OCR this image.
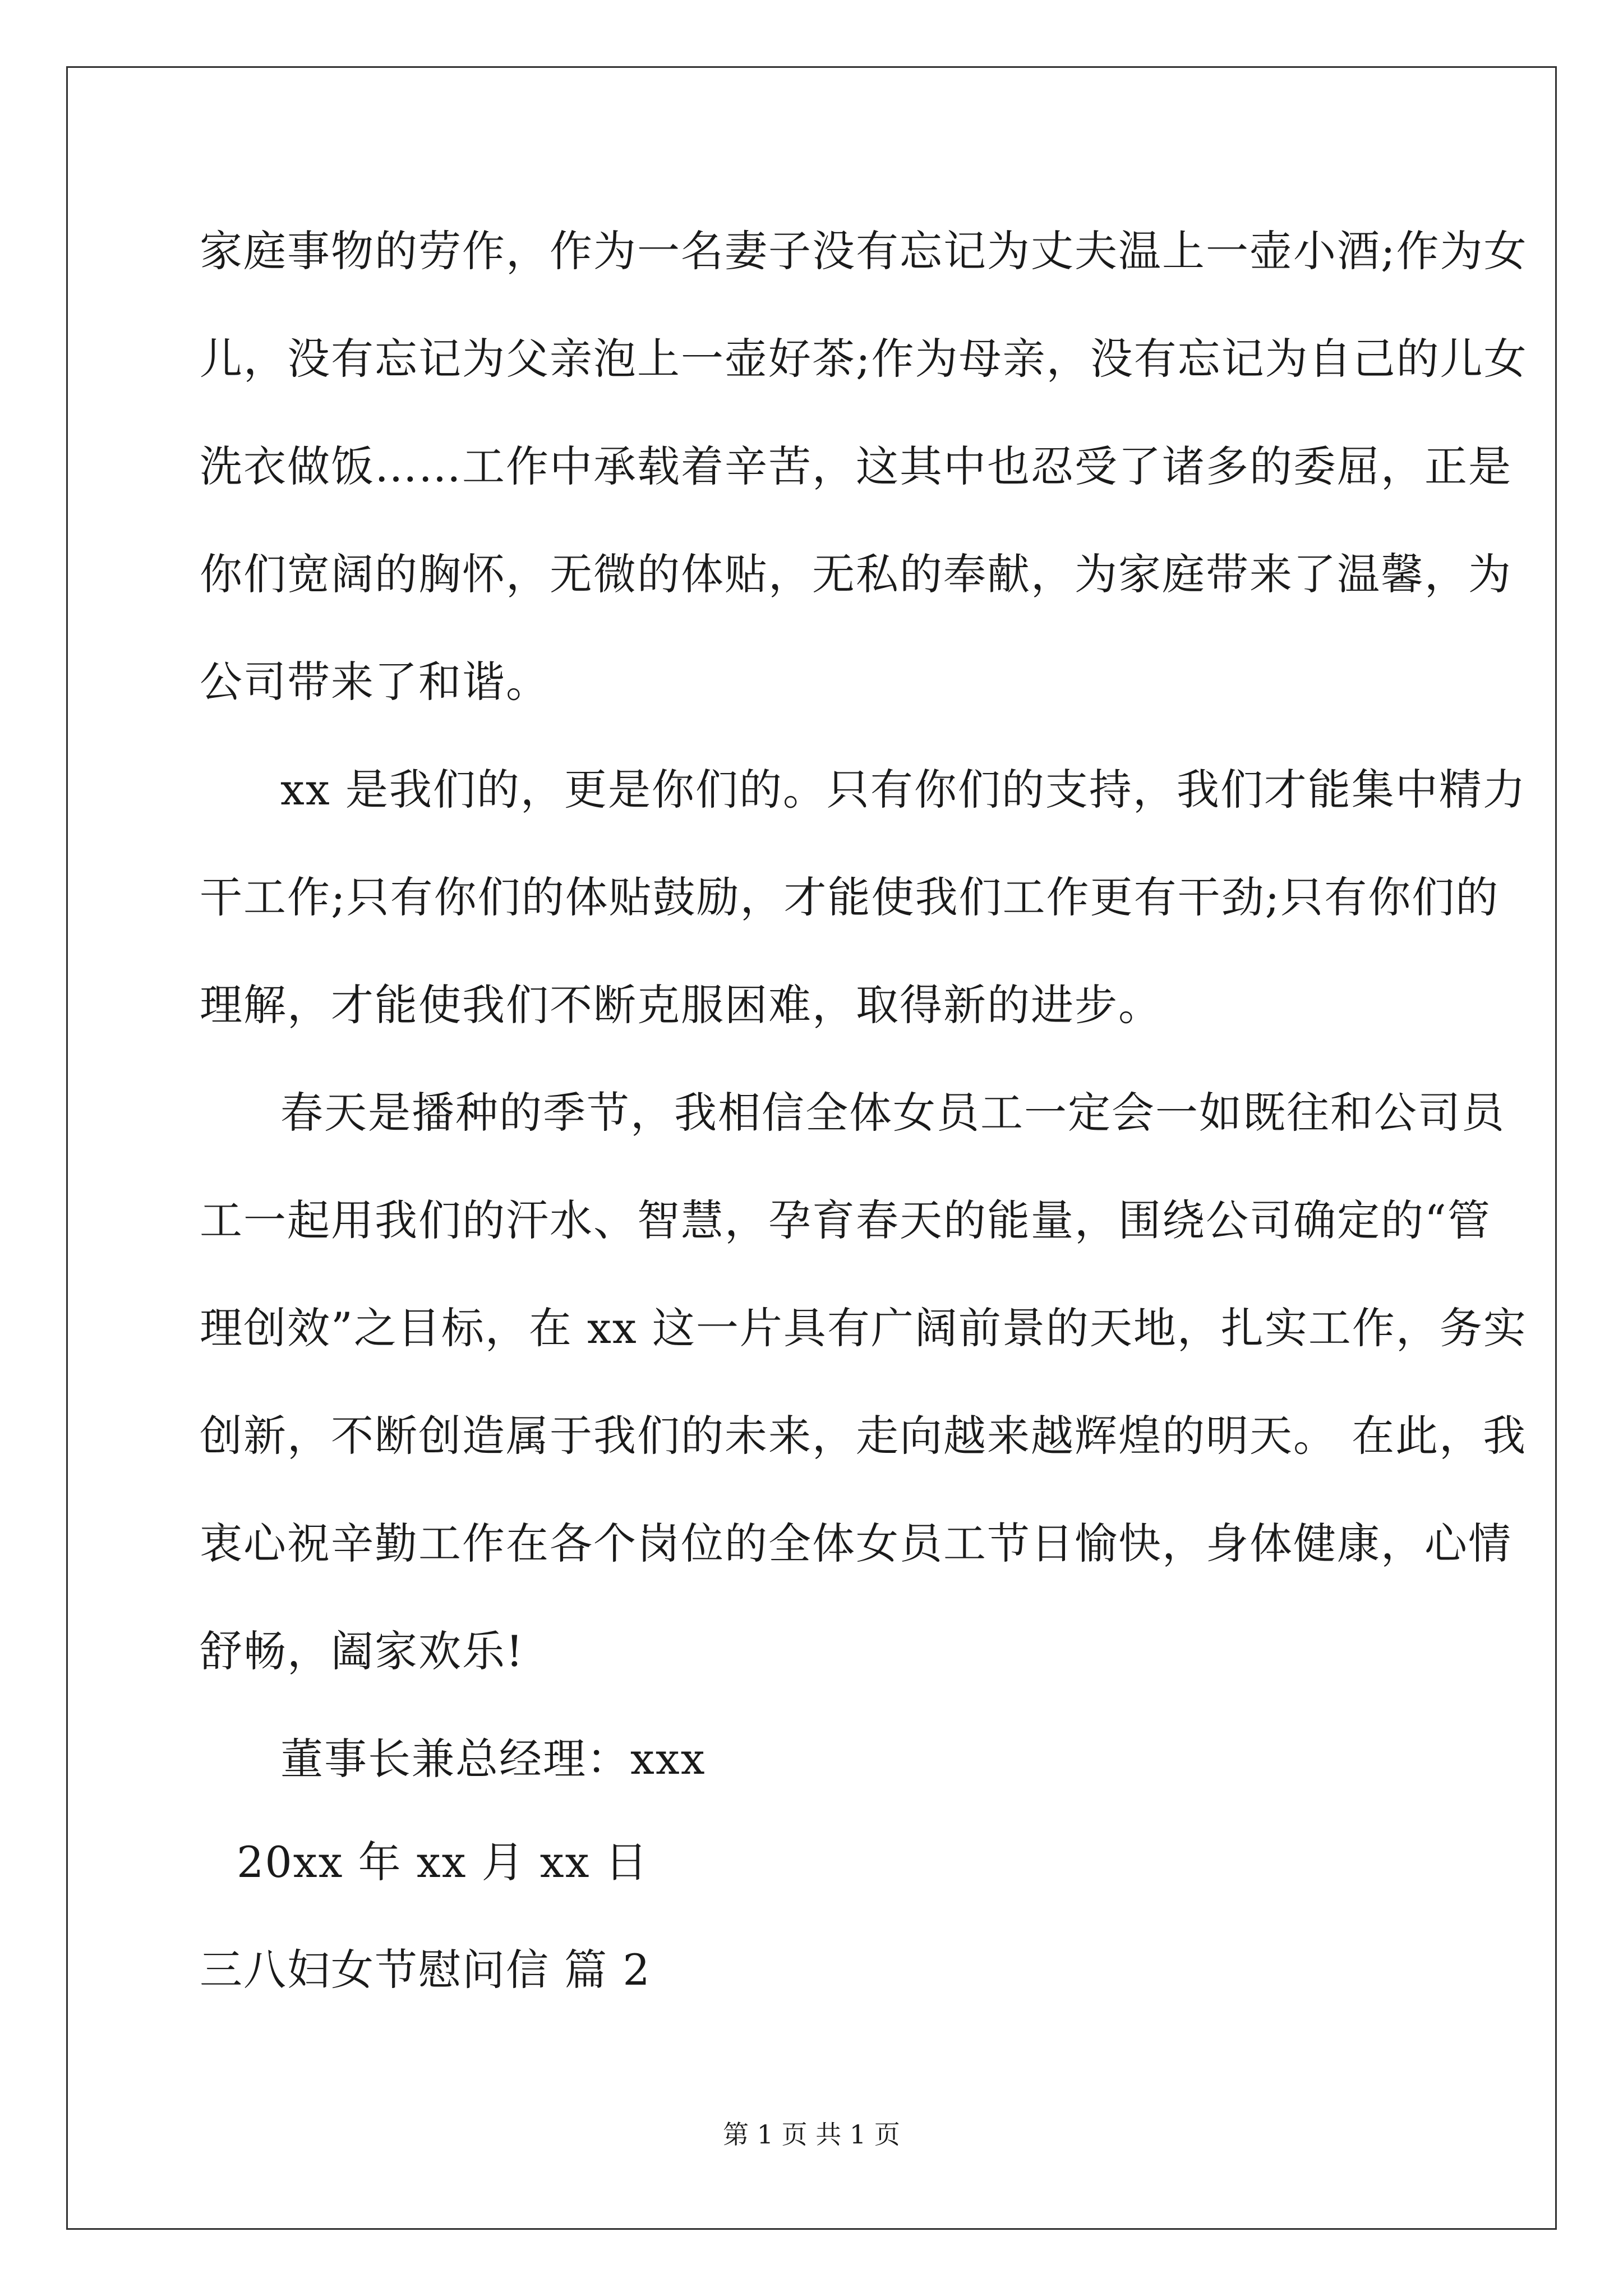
家庭事物的劳作，作为一名妻子没有忘记为丈夫温上一壶小酒;作为女
儿，没有忘记为父亲泡上一壶好茶;作为母亲，没有忘记为自己的儿女
洗衣做饭……工作中承载着辛苦，这其中也忍受了诸多的委屈，正是
你们宽阔的胸怀，无微的体贴，无私的奉献，为家庭带来了温馨，为
公司带来了和谐。
xx 是我们的，更是你们的。只有你们的支持，我们才能集中精力
干工作;只有你们的体贴鼓励，才能使我们工作更有干劲;只有你们的
理解，才能使我们不断克服困难，取得新的进步。
春天是播种的季节，我相信全体女员工一定会一如既往和公司员
工一起用我们的汗水、智慧，孕育春天的能量，围绕公司确定的“管
理创效”之目标，在 xx 这一片具有广阔前景的天地，扎实工作，务实
创新，不断创造属于我们的未来，走向越来越辉煌的明天。 在此，我
衷心祝辛勤工作在各个岗位的全体女员工节日愉快，身体健康，心情
舒畅，阖家欢乐!
董事长兼总经理：xxx
20xx 年 xx 月 xx 日
三八妇女节慰问信 篇 2
第 1 页 共 1 页
